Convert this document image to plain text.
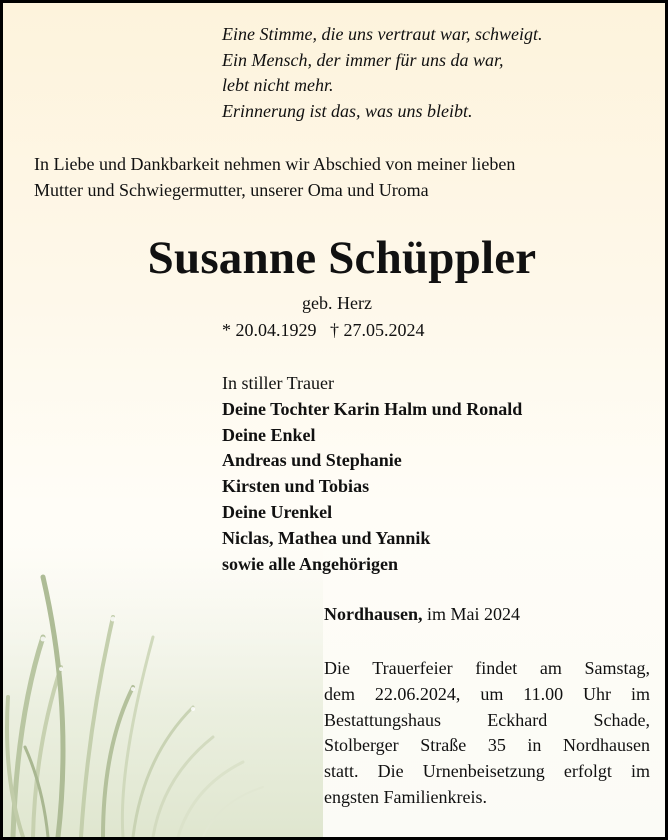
Eine Stimme, die uns vertraut war, schweigt.
Ein Mensch, der immer für uns da war,
lebt nicht mehr.
Erinnerung ist das, was uns bleibt.
In Liebe und Dankbarkeit nehmen wir Abschied von meiner lieben
Mutter und Schwiegermutter, unserer Oma und Uroma
Susanne Schüppler
geb. Herz
* 20.04.1929   † 27.05.2024
In stiller Trauer
Deine Tochter Karin Halm und Ronald
Deine Enkel
Andreas und Stephanie
Kirsten und Tobias
Deine Urenkel
Niclas, Mathea und Yannik
sowie alle Angehörigen
Nordhausen, im Mai 2024
Die Trauerfeier findet am Samstag,
dem 22.06.2024, um 11.00 Uhr im
Bestattungshaus Eckhard Schade,
Stolberger Straße 35 in Nordhausen
statt. Die Urnenbeisetzung erfolgt im
engsten Familienkreis.
